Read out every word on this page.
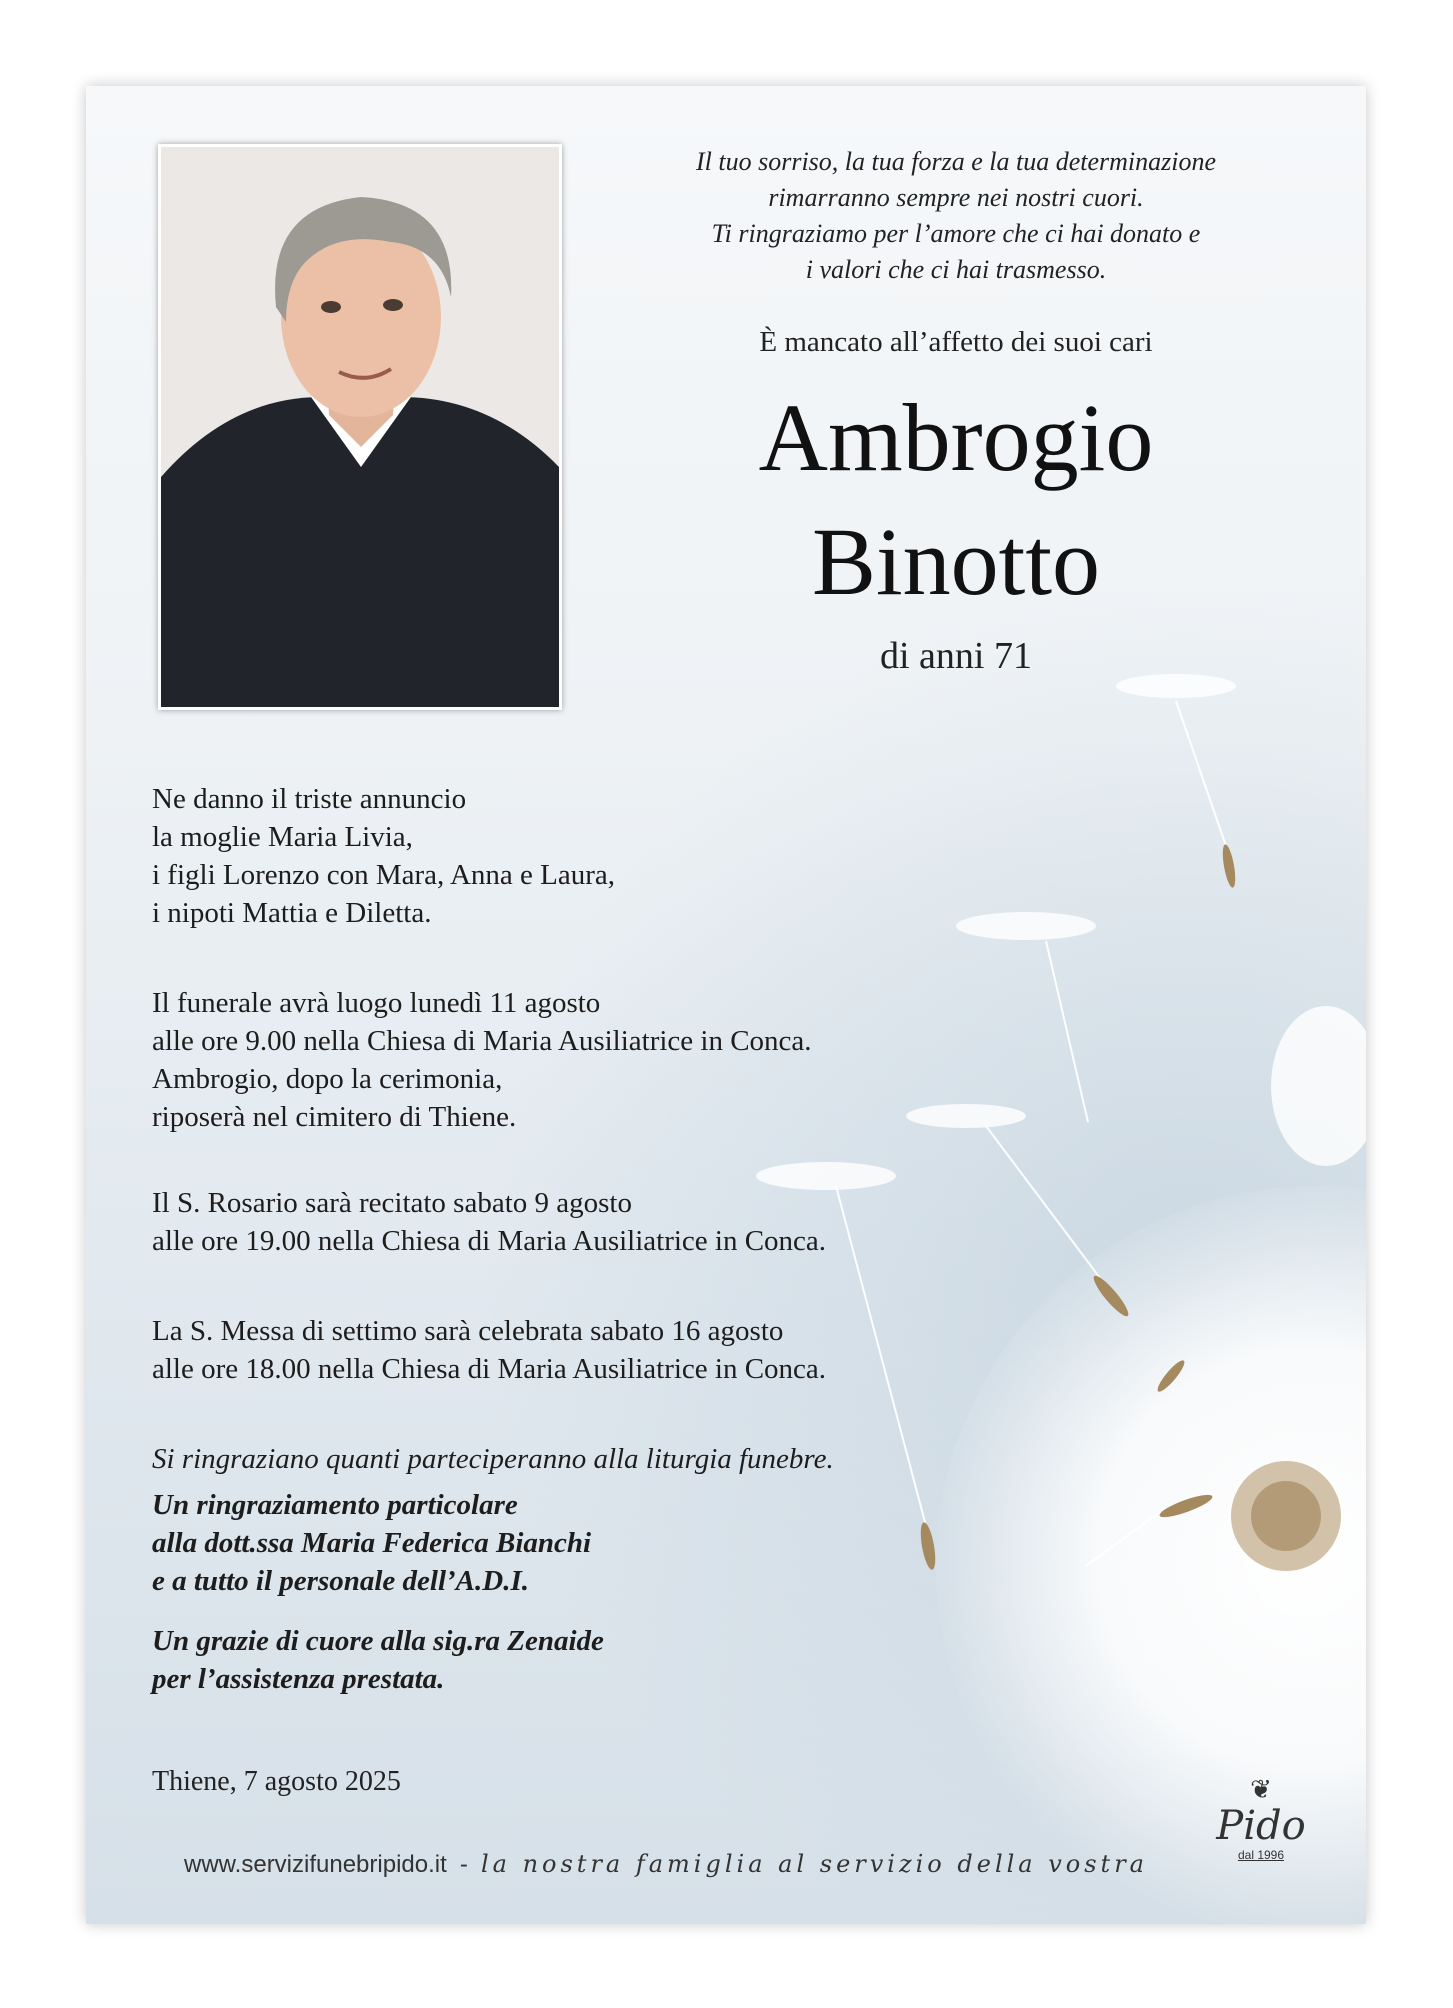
Il tuo sorriso, la tua forza e la tua determinazione
rimarranno sempre nei nostri cuori.
Ti ringraziamo per l’amore che ci hai donato e
i valori che ci hai trasmesso.
È mancato all’affetto dei suoi cari
Ambrogio
Binotto
di anni 71
Ne danno il triste annuncio
la moglie Maria Livia,
i figli Lorenzo con Mara, Anna e Laura,
i nipoti Mattia e Diletta.
Il funerale avrà luogo lunedì 11 agosto
alle ore 9.00 nella Chiesa di Maria Ausiliatrice in Conca.
Ambrogio, dopo la cerimonia,
riposerà nel cimitero di Thiene.
Il S. Rosario sarà recitato sabato 9 agosto
alle ore 19.00 nella Chiesa di Maria Ausiliatrice in Conca.
La S. Messa di settimo sarà celebrata sabato 16 agosto
alle ore 18.00 nella Chiesa di Maria Ausiliatrice in Conca.
Si ringraziano quanti parteciperanno alla liturgia funebre.
Un ringraziamento particolare
alla dott.ssa Maria Federica Bianchi
e a tutto il personale dell’A.D.I.
Un grazie di cuore alla sig.ra Zenaide
per l’assistenza prestata.
Thiene, 7 agosto 2025
www.servizifunebripido.it - la nostra famiglia al servizio della vostra
❦
Pido
dal 1996
